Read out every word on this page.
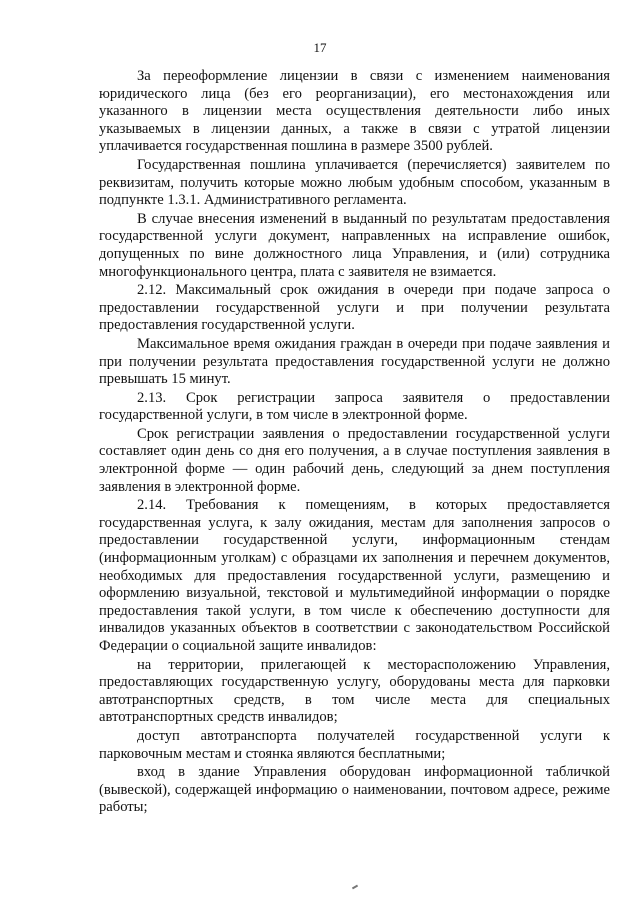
17

За переоформление лицензии в связи с изменением наименования юридического лица (без его реорганизации), его местонахождения или указанного в лицензии места осуществления деятельности либо иных указываемых в лицензии данных, а также в связи с утратой лицензии уплачивается государственная пошлина в размере 3500 рублей.

Государственная пошлина уплачивается (перечисляется) заявителем по реквизитам, получить которые можно любым удобным способом, указанным в подпункте 1.3.1. Административного регламента.

В случае внесения изменений в выданный по результатам предоставления государственной услуги документ, направленных на исправление ошибок, допущенных по вине должностного лица Управления, и (или) сотрудника многофункционального центра, плата с заявителя не взимается.

2.12. Максимальный срок ожидания в очереди при подаче запроса о предоставлении государственной услуги и при получении результата предоставления государственной услуги.

Максимальное время ожидания граждан в очереди при подаче заявления и при получении результата предоставления государственной услуги не должно превышать 15 минут.

2.13. Срок регистрации запроса заявителя о предоставлении государственной услуги, в том числе в электронной форме.

Срок регистрации заявления о предоставлении государственной услуги составляет один день со дня его получения, а в случае поступления заявления в электронной форме — один рабочий день, следующий за днем поступления заявления в электронной форме.

2.14. Требования к помещениям, в которых предоставляется государственная услуга, к залу ожидания, местам для заполнения запросов о предоставлении государственной услуги, информационным стендам (информационным уголкам) с образцами их заполнения и перечнем документов, необходимых для предоставления государственной услуги, размещению и оформлению визуальной, текстовой и мультимедийной информации о порядке предоставления такой услуги, в том числе к обеспечению доступности для инвалидов указанных объектов в соответствии с законодательством Российской Федерации о социальной защите инвалидов:

на территории, прилегающей к месторасположению Управления, предоставляющих государственную услугу, оборудованы места для парковки автотранспортных средств, в том числе места для специальных автотранспортных средств инвалидов;

доступ автотранспорта получателей государственной услуги к парковочным местам и стоянка являются бесплатными;

вход в здание Управления оборудован информационной табличкой (вывеской), содержащей информацию о наименовании, почтовом адресе, режиме работы;
